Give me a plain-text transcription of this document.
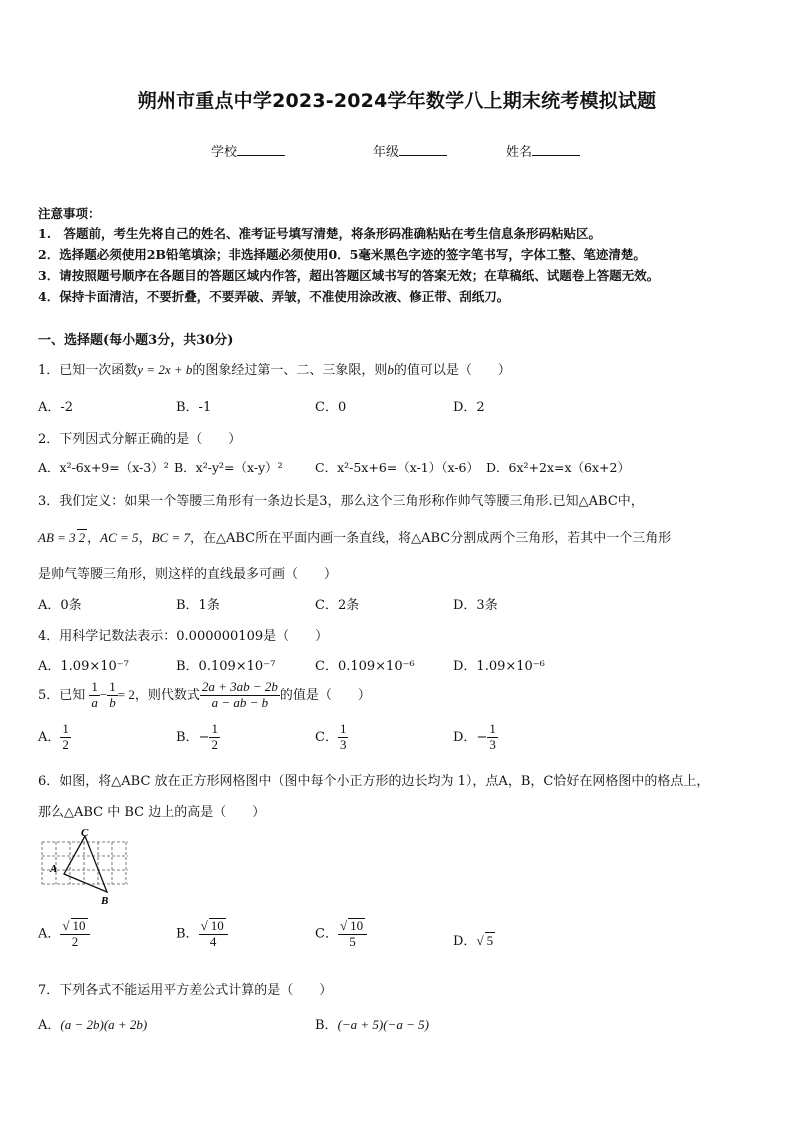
朔州市重点中学2023-2024学年数学八上期末统考模拟试题
学校	年级	姓名
注意事项：
1.　答题前，考生先将自己的姓名、准考证号填写清楚，将条形码准确粘贴在考生信息条形码粘贴区。
2．选择题必须使用2B铅笔填涂；非选择题必须使用0．5毫米黑色字迹的签字笔书写，字体工整、笔迹清楚。
3．请按照题号顺序在各题目的答题区域内作答，超出答题区域书写的答案无效；在草稿纸、试题卷上答题无效。
4．保持卡面清洁，不要折叠，不要弄破、弄皱，不准使用涂改液、修正带、刮纸刀。
一、选择题(每小题3分，共30分)
1．已知一次函数y = 2x + b的图象经过第一、二、三象限，则b的值可以是（　　）
A．-2	B．-1	C．0	D．2
2．下列因式分解正确的是（　　）
A．x²-6x+9=（x-3）² B．x²-y²=（x-y）²	C．x²-5x+6=（x-1）（x-6） D．6x²+2x=x（6x+2）
3．我们定义：如果一个等腰三角形有一条边长是3，那么这个三角形称作帅气等腰三角形.已知△ABC中，
AB = 3 2 ，AC = 5，BC = 7，在△ABC所在平面内画一条直线，将△ABC分割成两个三角形，若其中一个三角形
是帅气等腰三角形，则这样的直线最多可画（　　）
A．0条	B．1条	C．2条	D．3条
4．用科学记数法表示：0.000000109是（　　）
A．1.09×10⁻⁷	B．0.109×10⁻⁷	C．0.109×10⁻⁶	D．1.09×10⁻⁶
5．已知 $\frac{1}{a} - \frac{1}{b} = 2$，则代数式 $\frac{2a + 3ab - 2b}{a - ab - b}$ 的值是（　　）
A． $\frac{1}{2}$	B．− $\frac{1}{2}$	C． $\frac{1}{3}$	D．− $\frac{1}{3}$
6．如图，将△ABC 放在正方形网格图中（图中每个小正方形的边长均为 1），点A，B，C恰好在网格图中的格点上，
那么△ABC 中 BC 边上的高是（　　）
C
A
B
A． $\frac{√ 10}{2}$	B． $\frac{√ 10}{4}$	C． $\frac{√ 10}{5}$	D．√ 5
7．下列各式不能运用平方差公式计算的是（　　）
A．(a − 2b)(a + 2b)	B．(−a + 5)(−a − 5)
